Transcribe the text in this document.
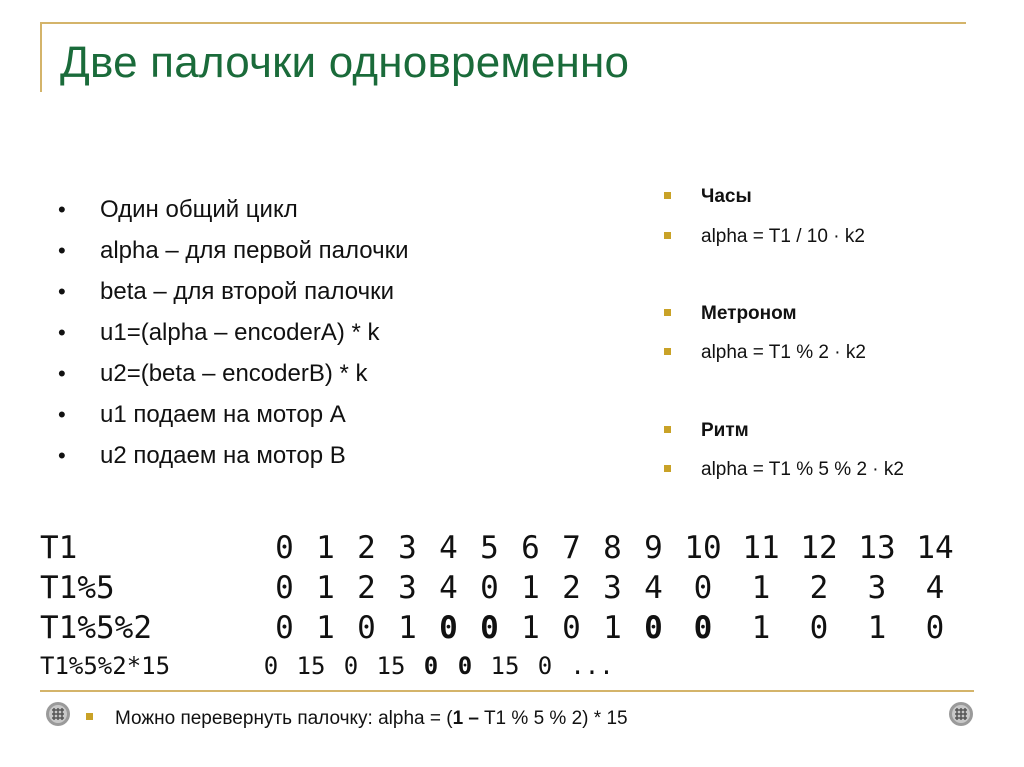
Две палочки одновременно
• Один общий цикл
• alpha – для первой палочки
• beta – для второй палочки
• u1=(alpha – encoderA) * k
• u2=(beta – encoderB) * k
• u1 подаем на мотор A
• u2 подаем на мотор B
Часы
alpha = T1 / 10 · k2
Метроном
alpha = T1 % 2 · k2
Ритм
alpha = T1 % 5 % 2 · k2
T1	0 1 2 3 4 5 6 7 8 9 10 11 12 13 14
T1%5	0 1 2 3 4 0 1 2 3 4 0 1 2 3 4
T1%5%2	0 1 0 1 0 0 1 0 1 0 0 1 0 1 0
T1%5%2*15	0 15 0 15 0 0 15 0 ...
Можно перевернуть палочку: alpha = (1 – T1 % 5 % 2) * 15
